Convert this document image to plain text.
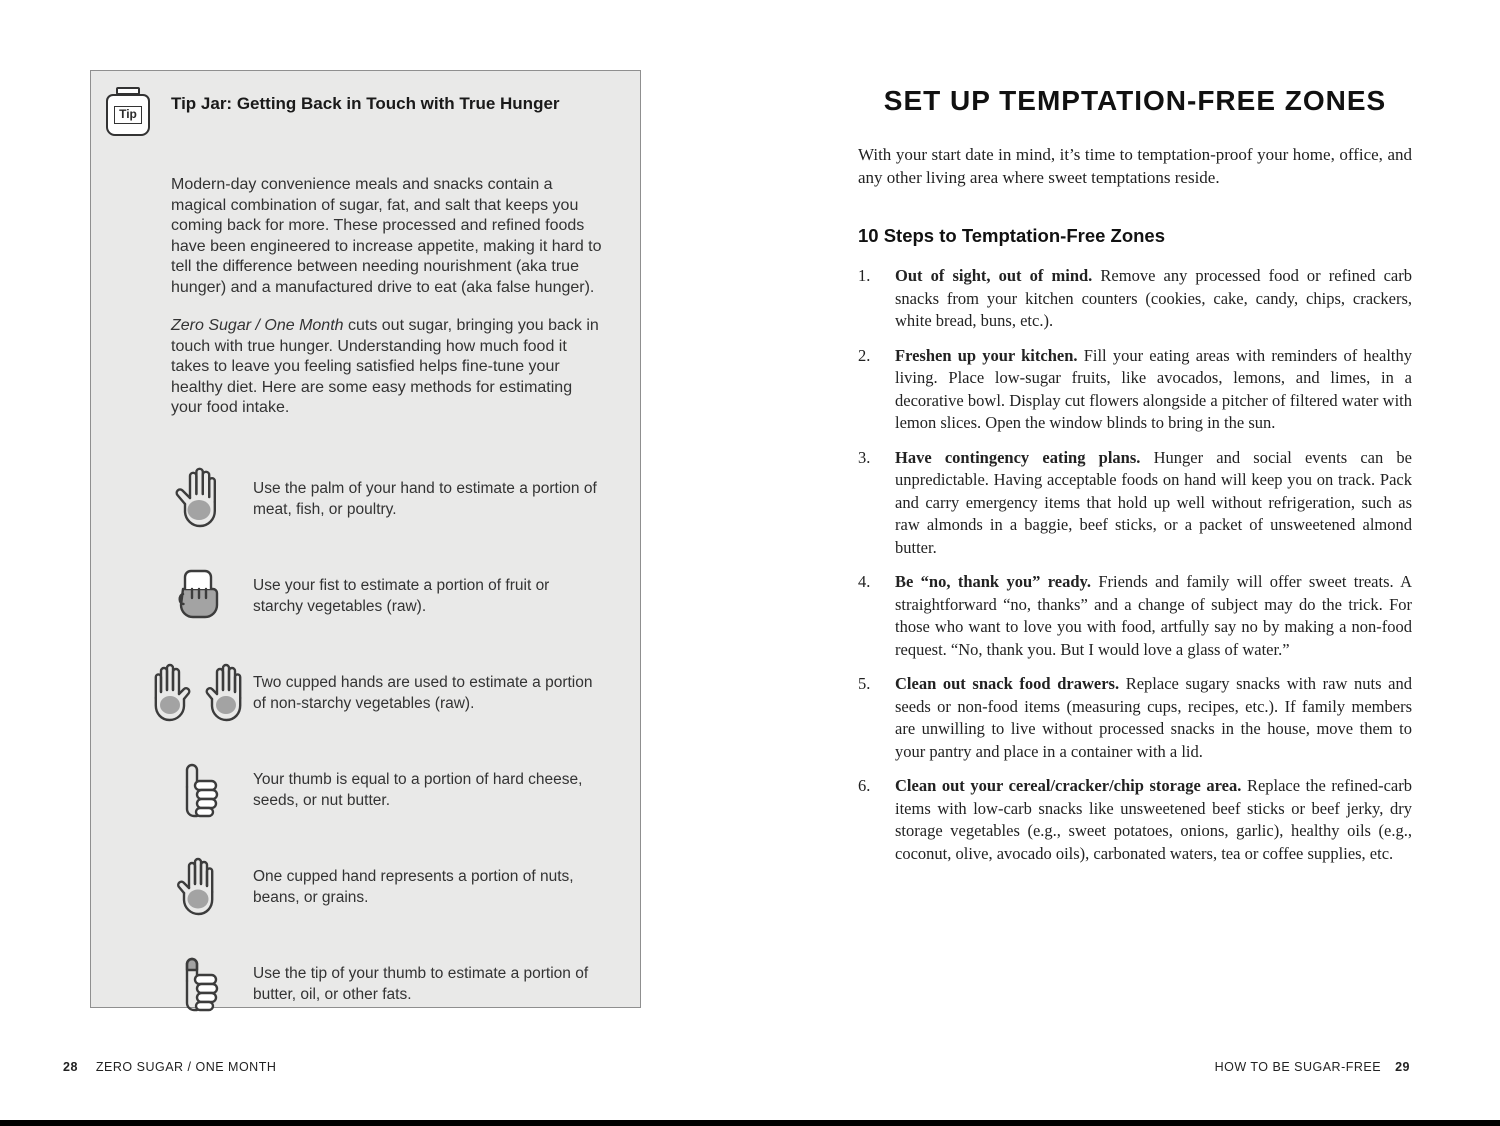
Tip
Tip Jar: Getting Back in Touch with True Hunger

Modern-day convenience meals and snacks contain a magical combination of sugar, fat, and salt that keeps you coming back for more. These processed and refined foods have been engineered to increase appetite, making it hard to tell the difference between needing nourishment (aka true hunger) and a manufactured drive to eat (aka false hunger).

Zero Sugar / One Month cuts out sugar, bringing you back in touch with true hunger. Understanding how much food it takes to leave you feeling satisfied helps fine-tune your healthy diet. Here are some easy methods for estimating your food intake.

Use the palm of your hand to estimate a portion of meat, fish, or poultry.
Use your fist to estimate a portion of fruit or starchy vegetables (raw).
Two cupped hands are used to estimate a portion of non-starchy vegetables (raw).
Your thumb is equal to a portion of hard cheese, seeds, or nut butter.
One cupped hand represents a portion of nuts, beans, or grains.
Use the tip of your thumb to estimate a portion of butter, oil, or other fats.
SET UP TEMPTATION-FREE ZONES

With your start date in mind, it’s time to temptation-proof your home, office, and any other living area where sweet temptations reside.

10 Steps to Temptation-Free Zones
1.	Out of sight, out of mind. Remove any processed food or refined carb snacks from your kitchen counters (cookies, cake, candy, chips, crackers, white bread, buns, etc.).
2.	Freshen up your kitchen. Fill your eating areas with reminders of healthy living. Place low-sugar fruits, like avocados, lemons, and limes, in a decorative bowl. Display cut flowers alongside a pitcher of filtered water with lemon slices. Open the window blinds to bring in the sun.
3.	Have contingency eating plans. Hunger and social events can be unpredictable. Having acceptable foods on hand will keep you on track. Pack and carry emergency items that hold up well without refrigeration, such as raw almonds in a baggie, beef sticks, or a packet of unsweetened almond butter.
4.	Be “no, thank you” ready. Friends and family will offer sweet treats. A straightforward “no, thanks” and a change of subject may do the trick. For those who want to love you with food, artfully say no by making a non-food request. “No, thank you. But I would love a glass of water.”
5.	Clean out snack food drawers. Replace sugary snacks with raw nuts and seeds or non-food items (measuring cups, recipes, etc.). If family members are unwilling to live without processed snacks in the house, move them to your pantry and place in a container with a lid.
6.	Clean out your cereal/cracker/chip storage area. Replace the refined-carb items with low-carb snacks like unsweetened beef sticks or beef jerky, dry storage vegetables (e.g., sweet potatoes, onions, garlic), healthy oils (e.g., coconut, olive, avocado oils), carbonated waters, tea or coffee supplies, etc.
28 ZERO SUGAR / ONE MONTH	HOW TO BE SUGAR-FREE 29
